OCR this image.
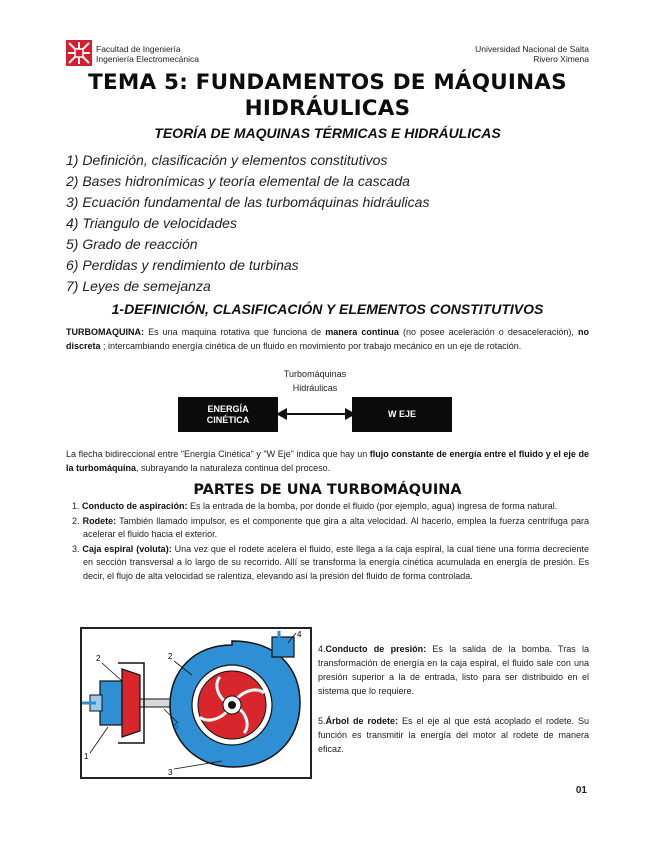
Facultad de Ingeniería
Ingeniería Electromecánica
Universidad Nacional de Salta
Rivero Ximena
TEMA 5: FUNDAMENTOS DE MÁQUINAS
HIDRÁULICAS
TEORÍA DE MAQUINAS TÉRMICAS E HIDRÁULICAS
1) Definición, clasificación y elementos constitutivos
2) Bases hidronímicas y teoría elemental de la cascada
3) Ecuación fundamental de las turbomáquinas hidráulicas
4) Triangulo de velocidades
5) Grado de reacción
6) Perdidas y rendimiento de turbinas
7) Leyes de semejanza
1-DEFINICIÓN, CLASIFICACIÓN Y ELEMENTOS CONSTITUTIVOS
TURBOMAQUINA: Es una maquina rotativa que funciona de manera continua (no posee aceleración o desaceleración), no discreta ; intercambiando energía cinética de un fluido en movimiento por trabajo mecánico en un eje de rotación.
Turbomáquinas
Hidráulicas
ENERGÍA
CINÉTICA
W EJE
La flecha bidireccional entre "Energía Cinética" y "W Eje" indica que hay un flujo constante de energía entre el fluido y el eje de la turbomáquina, subrayando la naturaleza continua del proceso.
PARTES DE UNA TURBOMÁQUINA
1. Conducto de aspiración: Es la entrada de la bomba, por donde el fluido (por ejemplo, agua) ingresa de forma natural.
2. Rodete: También llamado impulsor, es el componente que gira a alta velocidad. Al hacerlo, emplea la fuerza centrífuga para acelerar el fluido hacia el exterior.
3. Caja espiral (voluta): Una vez que el rodete acelera el fluido, este llega a la caja espiral, la cual tiene una forma decreciente en sección transversal a lo largo de su recorrido. Allí se transforma la energía cinética acumulada en energía de presión. Es decir, el flujo de alta velocidad se ralentiza, elevando así la presión del fluido de forma controlada.
1
2
3
4
5
2
4.Conducto de presión: Es la salida de la bomba. Tras la transformación de energía en la caja espiral, el fluido sale con una presión superior a la de entrada, listo para ser distribuido en el sistema que lo requiere.
5.Árbol de rodete: Es el eje al que está acoplado el rodete. Su función es transmitir la energía del motor al rodete de manera eficaz.
01
